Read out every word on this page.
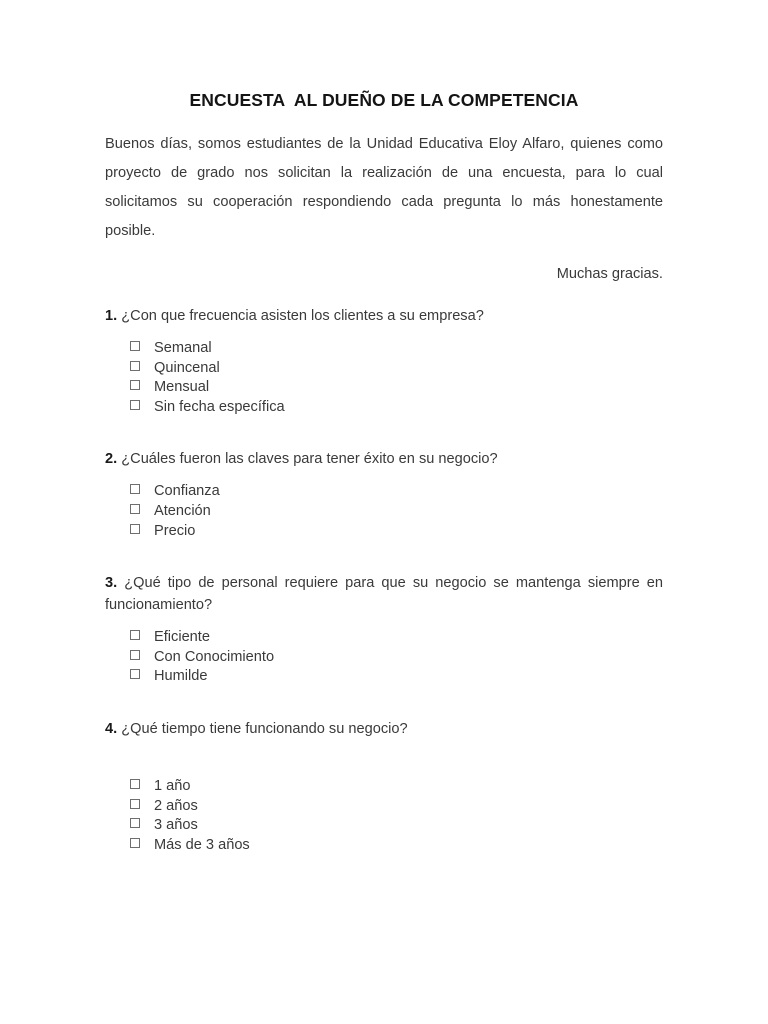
ENCUESTA  AL DUEÑO DE LA COMPETENCIA

Buenos días, somos estudiantes de la Unidad Educativa Eloy Alfaro, quienes como proyecto de grado nos solicitan la realización de una encuesta, para lo cual solicitamos su cooperación respondiendo cada pregunta lo más honestamente posible.

Muchas gracias.

1. ¿Con que frecuencia asisten los clientes a su empresa?

Semanal
Quincenal
Mensual
Sin fecha específica

2. ¿Cuáles fueron las claves para tener éxito en su negocio?

Confianza
Atención
Precio

3. ¿Qué tipo de personal requiere para que su negocio se mantenga siempre en funcionamiento?

Eficiente
Con Conocimiento
Humilde

4. ¿Qué tiempo tiene funcionando su negocio?

1 año
2 años
3 años
Más de 3 años
